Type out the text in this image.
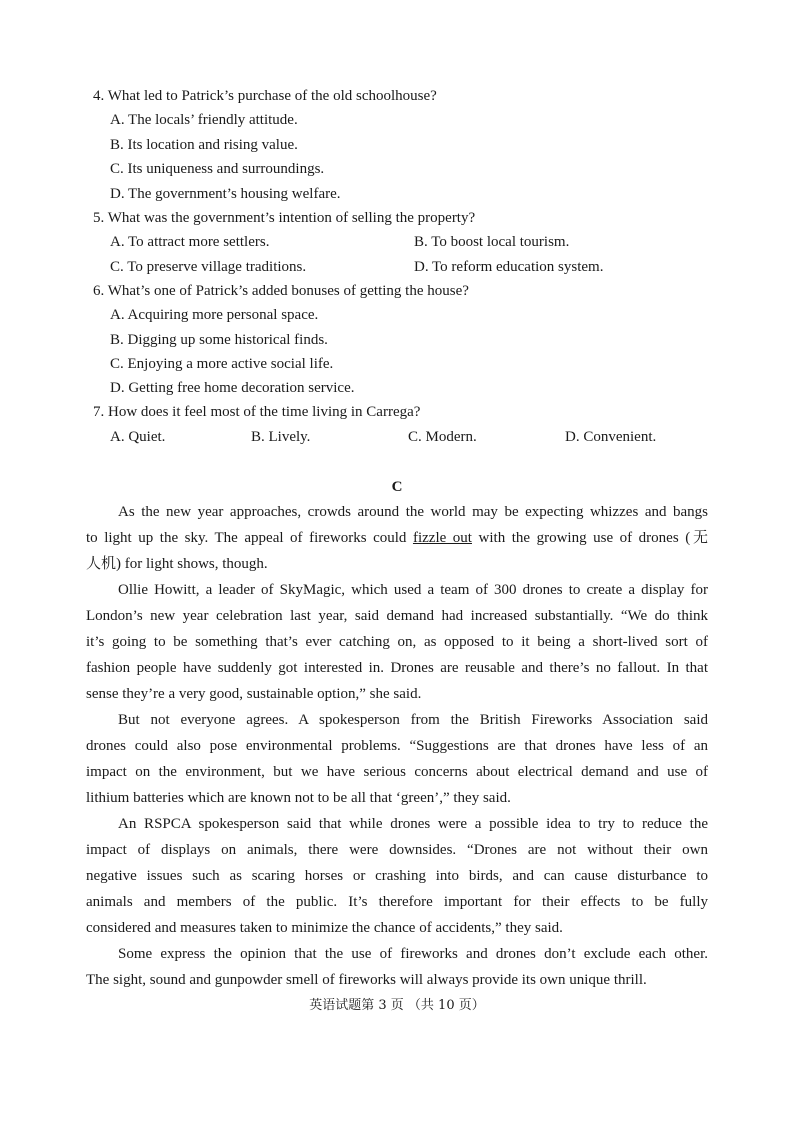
4. What led to Patrick’s purchase of the old schoolhouse?
A. The locals’ friendly attitude.
B. Its location and rising value.
C. Its uniqueness and surroundings.
D. The government’s housing welfare.
5. What was the government’s intention of selling the property?
A. To attract more settlers.	B. To boost local tourism.
C. To preserve village traditions.	D. To reform education system.
6. What’s one of Patrick’s added bonuses of getting the house?
A. Acquiring more personal space.
B. Digging up some historical finds.
C. Enjoying a more active social life.
D. Getting free home decoration service.
7. How does it feel most of the time living in Carrega?
A. Quiet.	B. Lively.	C. Modern.	D. Convenient.
C
As the new year approaches, crowds around the world may be expecting whizzes and bangs
to light up the sky. The appeal of fireworks could fizzle out with the growing use of drones (无
人机) for light shows, though.
Ollie Howitt, a leader of SkyMagic, which used a team of 300 drones to create a display for
London’s new year celebration last year, said demand had increased substantially. “We do think
it’s going to be something that’s ever catching on, as opposed to it being a short-lived sort of
fashion people have suddenly got interested in. Drones are reusable and there’s no fallout. In that
sense they’re a very good, sustainable option,” she said.
But not everyone agrees. A spokesperson from the British Fireworks Association said
drones could also pose environmental problems. “Suggestions are that drones have less of an
impact on the environment, but we have serious concerns about electrical demand and use of
lithium batteries which are known not to be all that ‘green’,” they said.
An RSPCA spokesperson said that while drones were a possible idea to try to reduce the
impact of displays on animals, there were downsides. “Drones are not without their own
negative issues such as scaring horses or crashing into birds, and can cause disturbance to
animals and members of the public. It’s therefore important for their effects to be fully
considered and measures taken to minimize the chance of accidents,” they said.
Some express the opinion that the use of fireworks and drones don’t exclude each other.
The sight, sound and gunpowder smell of fireworks will always provide its own unique thrill.
英语试题第 3 页 （共 10 页）
